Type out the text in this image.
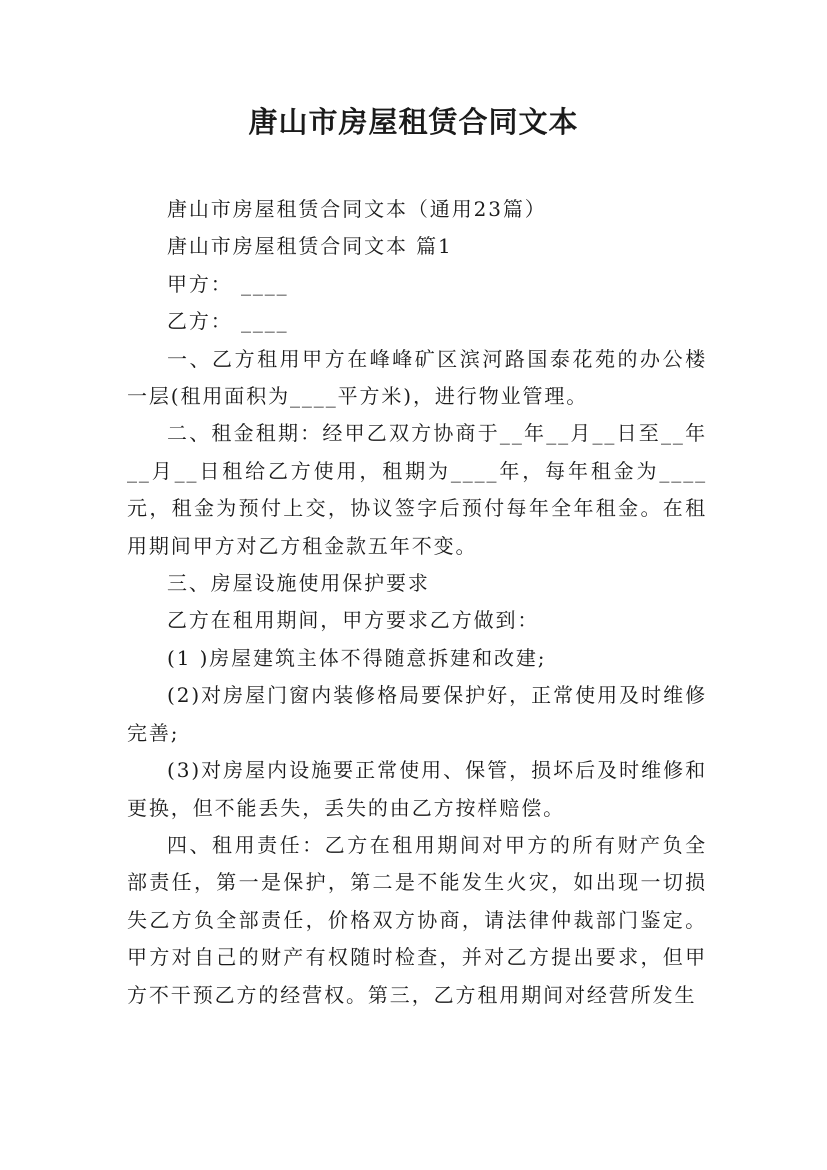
唐山市房屋租赁合同文本

唐山市房屋租赁合同文本（通用23篇）

唐山市房屋租赁合同文本 篇1

甲方： ____

乙方： ____

一、乙方租用甲方在峰峰矿区滨河路国泰花苑的办公楼一层(租用面积为____平方米)，进行物业管理。

二、租金租期：经甲乙双方协商于__年__月__日至__年__月__日租给乙方使用，租期为____年，每年租金为____元，租金为预付上交，协议签字后预付每年全年租金。在租用期间甲方对乙方租金款五年不变。

三、房屋设施使用保护要求

乙方在租用期间，甲方要求乙方做到：

(1 )房屋建筑主体不得随意拆建和改建;

(2)对房屋门窗内装修格局要保护好，正常使用及时维修完善;

(3)对房屋内设施要正常使用、保管，损坏后及时维修和更换，但不能丢失，丢失的由乙方按样赔偿。

四、租用责任：乙方在租用期间对甲方的所有财产负全部责任，第一是保护，第二是不能发生火灾，如出现一切损失乙方负全部责任，价格双方协商，请法律仲裁部门鉴定。甲方对自己的财产有权随时检查，并对乙方提出要求，但甲方不干预乙方的经营权。第三，乙方租用期间对经营所发生
